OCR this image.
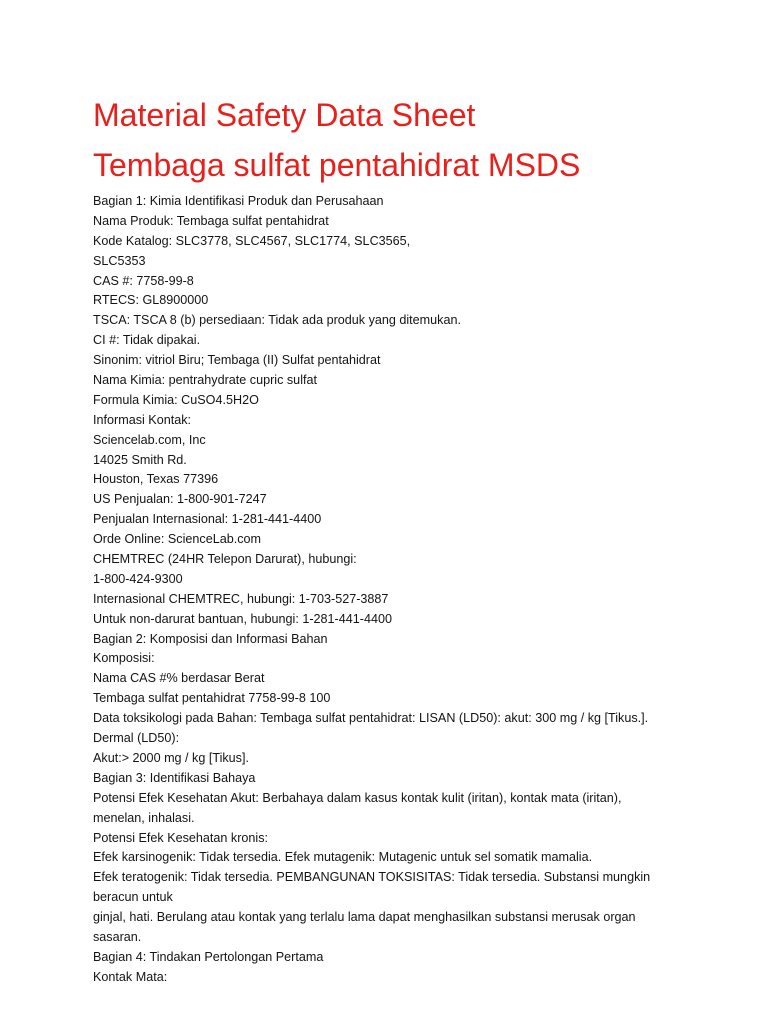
Material Safety Data Sheet
Tembaga sulfat pentahidrat MSDS
Bagian 1: Kimia Identifikasi Produk dan Perusahaan
Nama Produk: Tembaga sulfat pentahidrat
Kode Katalog: SLC3778, SLC4567, SLC1774, SLC3565,
SLC5353
CAS #: 7758-99-8
RTECS: GL8900000
TSCA: TSCA 8 (b) persediaan: Tidak ada produk yang ditemukan.
CI #: Tidak dipakai.
Sinonim: vitriol Biru; Tembaga (II) Sulfat pentahidrat
Nama Kimia: pentrahydrate cupric sulfat
Formula Kimia: CuSO4.5H2O
Informasi Kontak:
Sciencelab.com, Inc
14025 Smith Rd.
Houston, Texas 77396
US Penjualan: 1-800-901-7247
Penjualan Internasional: 1-281-441-4400
Orde Online: ScienceLab.com
CHEMTREC (24HR Telepon Darurat), hubungi:
1-800-424-9300
Internasional CHEMTREC, hubungi: 1-703-527-3887
Untuk non-darurat bantuan, hubungi: 1-281-441-4400
Bagian 2: Komposisi dan Informasi Bahan
Komposisi:
Nama CAS #% berdasar Berat
Tembaga sulfat pentahidrat 7758-99-8 100
Data toksikologi pada Bahan: Tembaga sulfat pentahidrat: LISAN (LD50): akut: 300 mg / kg [Tikus.].
Dermal (LD50):
Akut:> 2000 mg / kg [Tikus].
Bagian 3: Identifikasi Bahaya
Potensi Efek Kesehatan Akut: Berbahaya dalam kasus kontak kulit (iritan), kontak mata (iritan),
menelan, inhalasi.
Potensi Efek Kesehatan kronis:
Efek karsinogenik: Tidak tersedia. Efek mutagenik: Mutagenic untuk sel somatik mamalia.
Efek teratogenik: Tidak tersedia. PEMBANGUNAN TOKSISITAS: Tidak tersedia. Substansi mungkin
beracun untuk
ginjal, hati. Berulang atau kontak yang terlalu lama dapat menghasilkan substansi merusak organ
sasaran.
Bagian 4: Tindakan Pertolongan Pertama
Kontak Mata:
